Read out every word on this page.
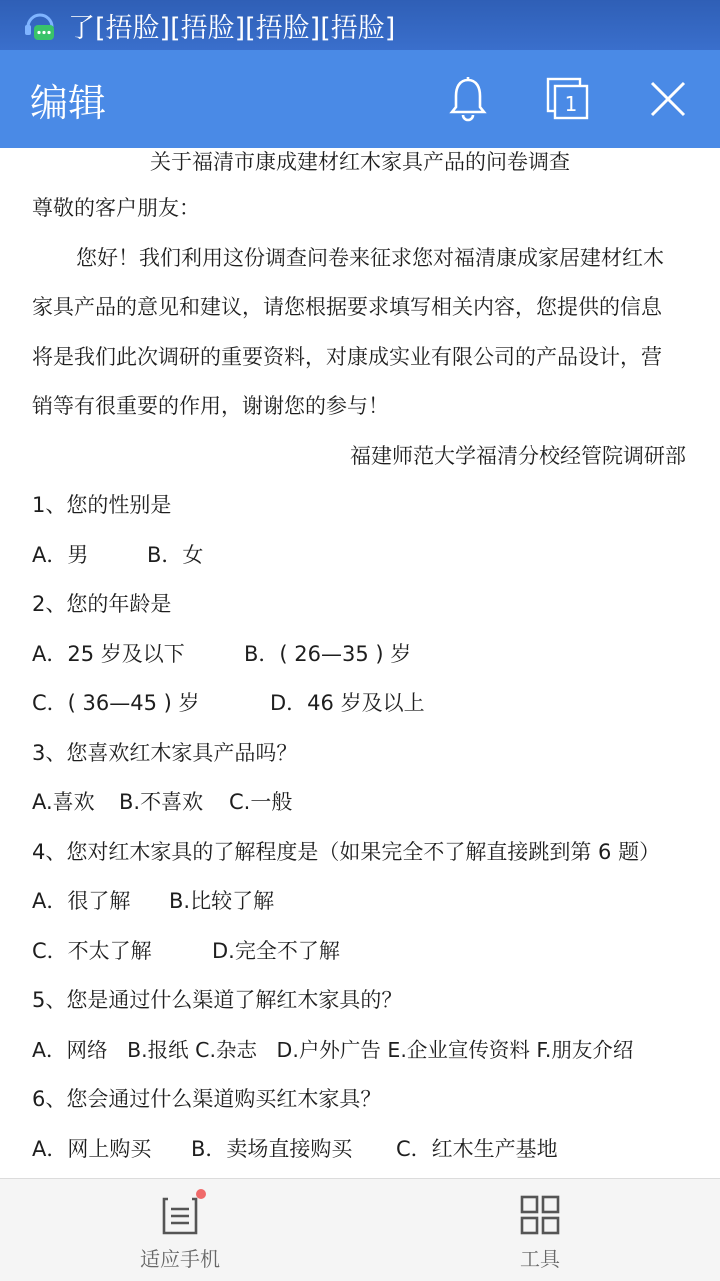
了[捂脸][捂脸][捂脸][捂脸]
编辑	1
关于福清市康成建材红木家具产品的问卷调查
尊敬的客户朋友：
您好！我们利用这份调查问卷来征求您对福清康成家居建材红木
家具产品的意见和建议，请您根据要求填写相关内容，您提供的信息
将是我们此次调研的重要资料，对康成实业有限公司的产品设计，营
销等有很重要的作用，谢谢您的参与！
福建师范大学福清分校经管院调研部
1、您的性别是
A．男	B．女
2、您的年龄是
A．25 岁及以下	B．( 26—35 ) 岁
C．( 36—45 ) 岁	D．46 岁及以上
3、您喜欢红木家具产品吗？
A.喜欢 B.不喜欢 C.一般
4、您对红木家具的了解程度是（如果完全不了解直接跳到第 6 题）
A．很了解 B.比较了解
C．不太了解	D.完全不了解
5、您是通过什么渠道了解红木家具的？
A．网络   B.报纸 C.杂志   D.户外广告 E.企业宣传资料 F.朋友介绍
6、您会通过什么渠道购买红木家具？
A．网上购买 B．卖场直接购买 C．红木生产基地
适应手机	工具
